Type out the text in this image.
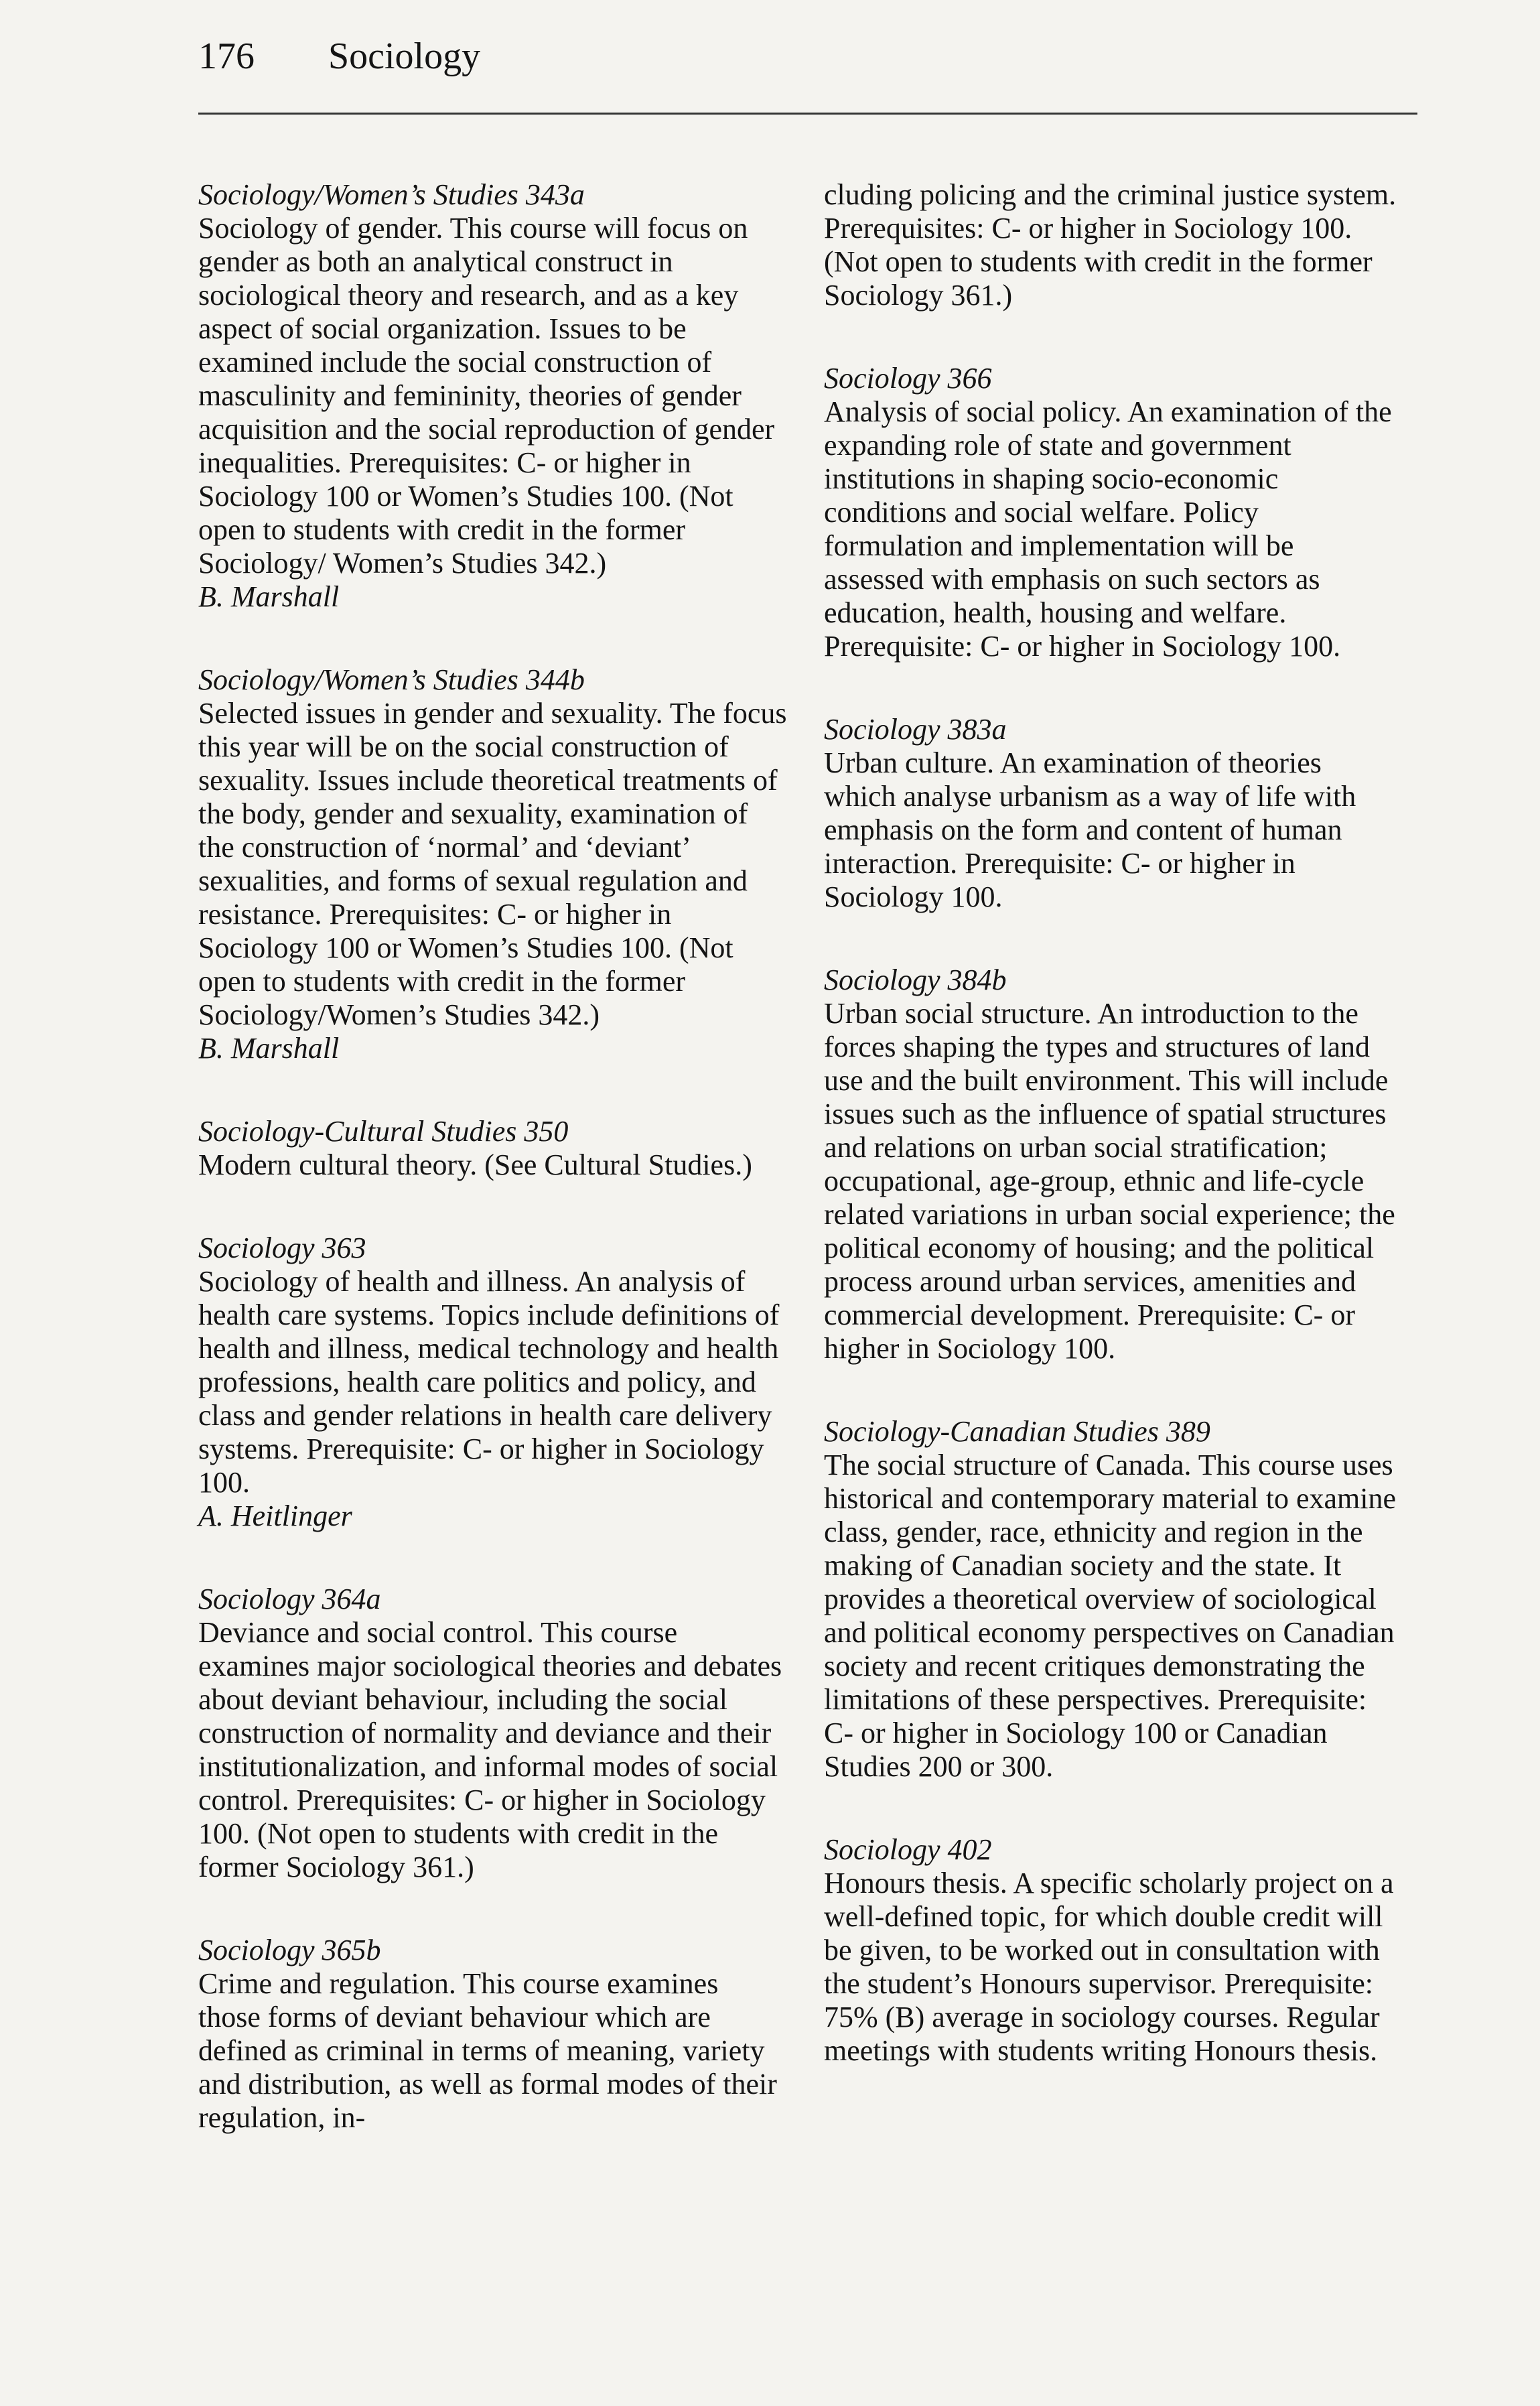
176 Sociology

Sociology/Women’s Studies 343a

Sociology of gender. This course will focus on gender as both an analytical construct in sociological theory and research, and as a key aspect of social organization. Issues to be examined include the social construction of masculinity and femininity, theories of gender acquisition and the social reproduction of gender inequalities. Prerequisites: C- or higher in Sociology 100 or Women’s Studies 100. (Not open to students with credit in the former Sociology/ Women’s Studies 342.)

B. Marshall

Sociology/Women’s Studies 344b

Selected issues in gender and sexuality. The focus this year will be on the social construction of sexuality. Issues include theoretical treatments of the body, gender and sexuality, examination of the construction of ‘normal’ and ‘deviant’ sexualities, and forms of sexual regulation and resistance. Prerequisites: C- or higher in Sociology 100 or Women’s Studies 100. (Not open to students with credit in the former Sociology/Women’s Studies 342.)

B. Marshall

Sociology-Cultural Studies 350

Modern cultural theory. (See Cultural Studies.)

Sociology 363

Sociology of health and illness. An analysis of health care systems. Topics include definitions of health and illness, medical technology and health professions, health care politics and policy, and class and gender relations in health care delivery systems. Prerequisite: C- or higher in Sociology 100.

A. Heitlinger

Sociology 364a

Deviance and social control. This course examines major sociological theories and debates about deviant behaviour, including the social construction of normality and deviance and their institutionalization, and informal modes of social control. Prerequisites: C- or higher in Sociology 100. (Not open to students with credit in the former Sociology 361.)

Sociology 365b

Crime and regulation. This course examines those forms of deviant behaviour which are defined as criminal in terms of meaning, variety and distribution, as well as formal modes of their regulation, in-

cluding policing and the criminal justice system. Prerequisites: C- or higher in Sociology 100. (Not open to students with credit in the former Sociology 361.)

Sociology 366

Analysis of social policy. An examination of the expanding role of state and government institutions in shaping socio-economic conditions and social welfare. Policy formulation and implementation will be assessed with emphasis on such sectors as education, health, housing and welfare. Prerequisite: C- or higher in Sociology 100.

Sociology 383a

Urban culture. An examination of theories which analyse urbanism as a way of life with emphasis on the form and content of human interaction. Prerequisite: C- or higher in Sociology 100.

Sociology 384b

Urban social structure. An introduction to the forces shaping the types and structures of land use and the built environment. This will include issues such as the influence of spatial structures and relations on urban social stratification; occupational, age-group, ethnic and life-cycle related variations in urban social experience; the political economy of housing; and the political process around urban services, amenities and commercial development. Prerequisite: C- or higher in Sociology 100.

Sociology-Canadian Studies 389

The social structure of Canada. This course uses historical and contemporary material to examine class, gender, race, ethnicity and region in the making of Canadian society and the state. It provides a theoretical overview of sociological and political economy perspectives on Canadian society and recent critiques demonstrating the limitations of these perspectives. Prerequisite: C- or higher in Sociology 100 or Canadian Studies 200 or 300.

Sociology 402

Honours thesis. A specific scholarly project on a well-defined topic, for which double credit will be given, to be worked out in consultation with the student’s Honours supervisor. Prerequisite: 75% (B) average in sociology courses. Regular meetings with students writing Honours thesis.
